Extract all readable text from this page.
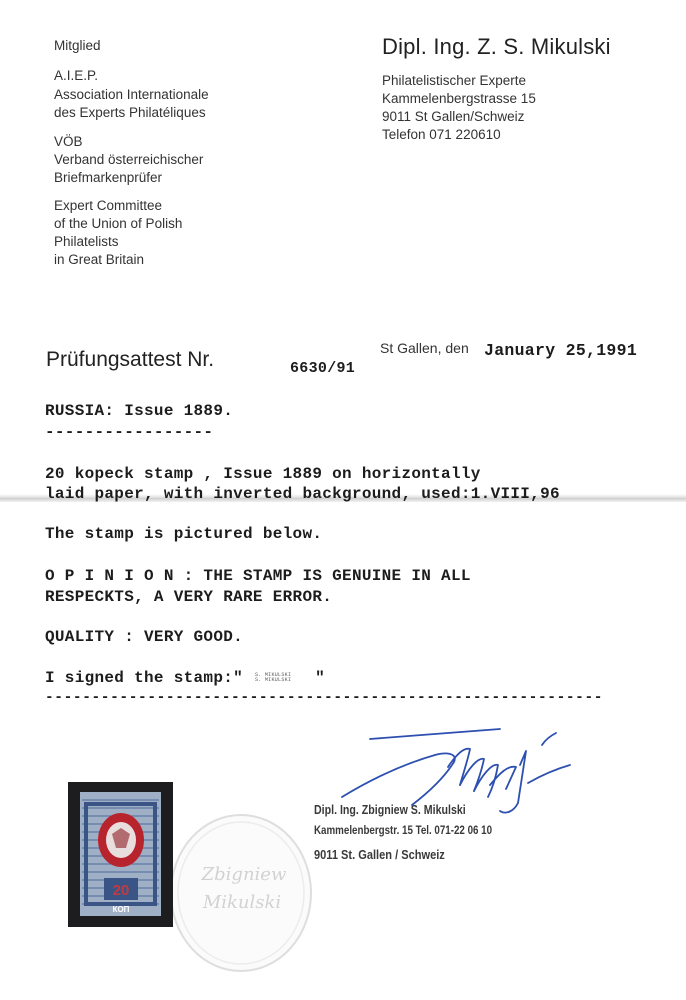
Mitglied
A.I.E.P.
Association Internationale
des Experts Philatéliques
VÖB
Verband österreichischer
Briefmarkenprüfer
Expert Committee
of the Union of Polish
Philatelists
in Great Britain
Dipl. Ing. Z. S. Mikulski
Philatelistischer Experte
Kammelenbergstrasse 15
9011 St Gallen/Schweiz
Telefon 071 220610
St Gallen, den January 25,1991
Prüfungsattest Nr.	6630/91
RUSSIA: Issue 1889.
-----------------
20 kopeck stamp , Issue 1889 on horizontally
laid paper, with inverted background, used:1.VIII,96
The stamp is pictured below.
O P I N I O N : THE STAMP IS GENUINE IN ALL
RESPECKTS, A VERY RARE ERROR.
QUALITY : VERY GOOD.
I signed the stamp:" S. MIKULSKI
S. MIKULSKI "
------------------------------------------------------------
Zbigniew
Mikulski
20
КОП
Dipl. Ing. Zbigniew S. Mikulski
Kammelenbergstr. 15 Tel. 071-22 06 10
9011 St. Gallen / Schweiz
